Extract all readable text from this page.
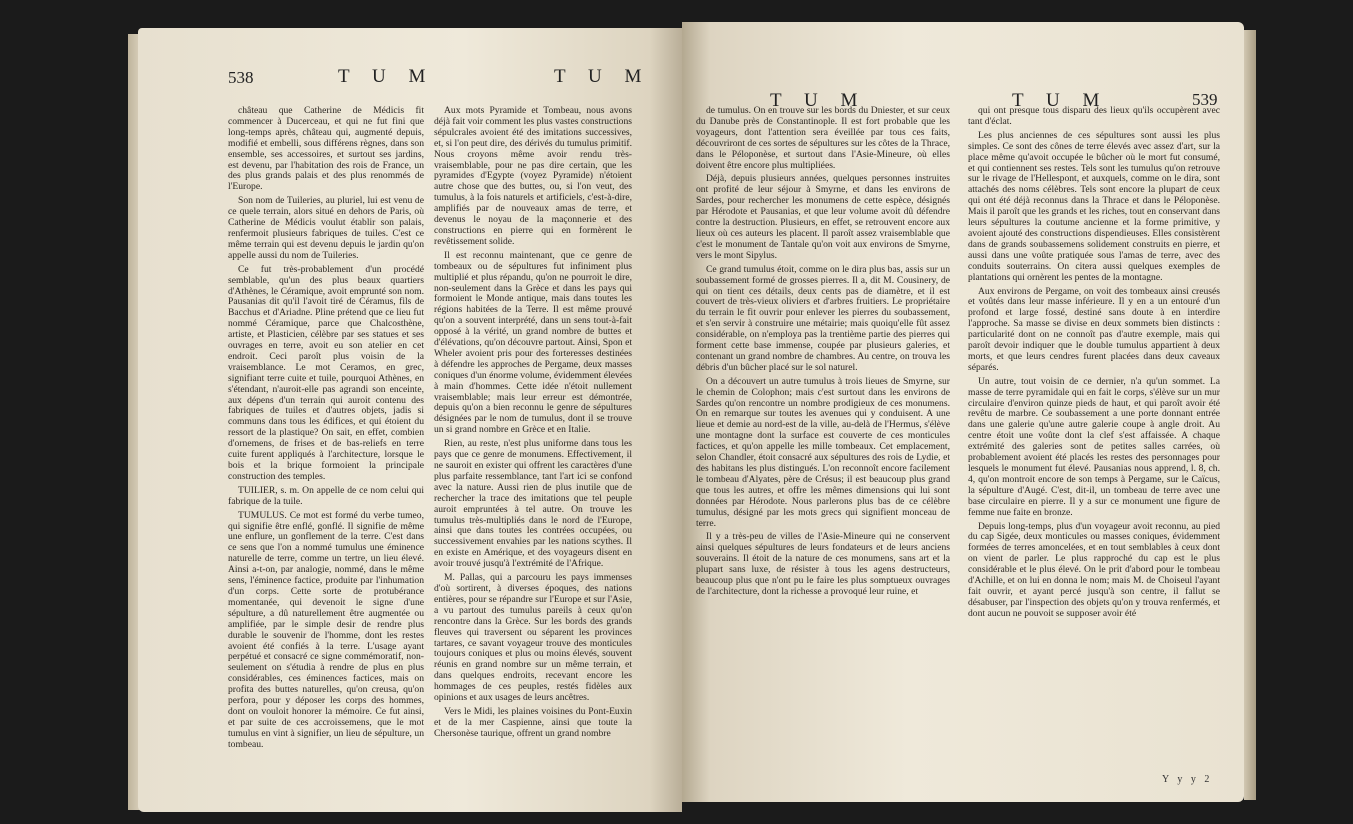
538	T U M	T U M

château que Catherine de Médicis fit commencer à Ducerceau, et qui ne fut fini que long-temps après, château qui, augmenté depuis, modifié et embelli, sous différens règnes, dans son ensemble, ses accessoires, et surtout ses jardins, est devenu, par l'habitation des rois de France, un des plus grands palais et des plus renommés de l'Europe.

Son nom de Tuileries, au pluriel, lui est venu de ce quele terrain, alors situé en dehors de Paris, où Catherine de Médicis voulut établir son palais, renfermoit plusieurs fabriques de tuiles. C'est ce même terrain qui est devenu depuis le jardin qu'on appelle aussi du nom de Tuileries.

Ce fut très-probablement d'un procédé semblable, qu'un des plus beaux quartiers d'Athènes, le Céramique, avoit emprunté son nom. Pausanias dit qu'il l'avoit tiré de Céramus, fils de Bacchus et d'Ariadne. Pline prétend que ce lieu fut nommé Céramique, parce que Chalcosthène, artiste, et Plasticien, célèbre par ses statues et ses ouvrages en terre, avoit eu son atelier en cet endroit. Ceci paroît plus voisin de la vraisemblance. Le mot Ceramos, en grec, signifiant terre cuite et tuile, pourquoi Athènes, en s'étendant, n'auroit-elle pas agrandi son enceinte, aux dépens d'un terrain qui auroit contenu des fabriques de tuiles et d'autres objets, jadis si communs dans tous les édifices, et qui étoient du ressort de la plastique? On sait, en effet, combien d'ornemens, de frises et de bas-reliefs en terre cuite furent appliqués à l'architecture, lorsque le bois et la brique formoient la principale construction des temples.

TUILIER, s. m. On appelle de ce nom celui qui fabrique de la tuile.

TUMULUS. Ce mot est formé du verbe tumeo, qui signifie être enflé, gonflé. Il signifie de même une enflure, un gonflement de la terre. C'est dans ce sens que l'on a nommé tumulus une éminence naturelle de terre, comme un tertre, un lieu élevé. Ainsi a-t-on, par analogie, nommé, dans le même sens, l'éminence factice, produite par l'inhumation d'un corps. Cette sorte de protubérance momentanée, qui devenoit le signe d'une sépulture, a dû naturellement être augmentée ou amplifiée, par le simple desir de rendre plus durable le souvenir de l'homme, dont les restes avoient été confiés à la terre. L'usage ayant perpétué et consacré ce signe commémoratif, non-seulement on s'étudia à rendre de plus en plus considérables, ces éminences factices, mais on profita des buttes naturelles, qu'on creusa, qu'on perfora, pour y déposer les corps des hommes, dont on vouloit honorer la mémoire. Ce fut ainsi, et par suite de ces accroissemens, que le mot tumulus en vint à signifier, un lieu de sépulture, un tombeau.

Aux mots Pyramide et Tombeau, nous avons déjà fait voir comment les plus vastes constructions sépulcrales avoient été des imitations successives, et, si l'on peut dire, des dérivés du tumulus primitif. Nous croyons même avoir rendu très-vraisemblable, pour ne pas dire certain, que les pyramides d'Egypte (voyez Pyramide) n'étoient autre chose que des buttes, ou, si l'on veut, des tumulus, à la fois naturels et artificiels, c'est-à-dire, amplifiés par de nouveaux amas de terre, et devenus le noyau de la maçonnerie et des constructions en pierre qui en formèrent le revêtissement solide.

Il est reconnu maintenant, que ce genre de tombeaux ou de sépultures fut infiniment plus multiplié et plus répandu, qu'on ne pourroit le dire, non-seulement dans la Grèce et dans les pays qui formoient le Monde antique, mais dans toutes les régions habitées de la Terre. Il est même prouvé qu'on a souvent interprété, dans un sens tout-à-fait opposé à la vérité, un grand nombre de buttes et d'élévations, qu'on découvre partout. Ainsi, Spon et Wheler avoient pris pour des forteresses destinées à défendre les approches de Pergame, deux masses coniques d'un énorme volume, évidemment élevées à main d'hommes. Cette idée n'étoit nullement vraisemblable; mais leur erreur est démontrée, depuis qu'on a bien reconnu le genre de sépultures désignées par le nom de tumulus, dont il se trouve un si grand nombre en Grèce et en Italie.

Rien, au reste, n'est plus uniforme dans tous les pays que ce genre de monumens. Effectivement, il ne sauroit en exister qui offrent les caractères d'une plus parfaite ressemblance, tant l'art ici se confond avec la nature. Aussi rien de plus inutile que de rechercher la trace des imitations que tel peuple auroit empruntées à tel autre. On trouve les tumulus très-multipliés dans le nord de l'Europe, ainsi que dans toutes les contrées occupées, ou successivement envahies par les nations scythes. Il en existe en Amérique, et des voyageurs disent en avoir trouvé jusqu'à l'extrémité de l'Afrique.

M. Pallas, qui a parcouru les pays immenses d'où sortirent, à diverses époques, des nations entières, pour se répandre sur l'Europe et sur l'Asie, a vu partout des tumulus pareils à ceux qu'on rencontre dans la Grèce. Sur les bords des grands fleuves qui traversent ou séparent les provinces tartares, ce savant voyageur trouve des monticules toujours coniques et plus ou moins élevés, souvent réunis en grand nombre sur un même terrain, et dans quelques endroits, recevant encore les hommages de ces peuples, restés fidèles aux opinions et aux usages de leurs ancêtres.

Vers le Midi, les plaines voisines du Pont-Euxin et de la mer Caspienne, ainsi que toute la Chersonèse taurique, offrent un grand nombre

T U M	T U M	539

de tumulus. On en trouve sur les bords du Dniester, et sur ceux du Danube près de Constantinople. Il est fort probable que les voyageurs, dont l'attention sera éveillée par tous ces faits, découvriront de ces sortes de sépultures sur les côtes de la Thrace, dans le Péloponèse, et surtout dans l'Asie-Mineure, où elles doivent être encore plus multipliées.

Déjà, depuis plusieurs années, quelques personnes instruites ont profité de leur séjour à Smyrne, et dans les environs de Sardes, pour rechercher les monumens de cette espèce, désignés par Hérodote et Pausanias, et que leur volume avoit dû défendre contre la destruction. Plusieurs, en effet, se retrouvent encore aux lieux où ces auteurs les placent. Il paroît assez vraisemblable que c'est le monument de Tantale qu'on voit aux environs de Smyrne, vers le mont Sipylus.

Ce grand tumulus étoit, comme on le dira plus bas, assis sur un soubassement formé de grosses pierres. Il a, dit M. Cousinery, de qui on tient ces détails, deux cents pas de diamètre, et il est couvert de très-vieux oliviers et d'arbres fruitiers. Le propriétaire du terrain le fit ouvrir pour enlever les pierres du soubassement, et s'en servir à construire une métairie; mais quoiqu'elle fût assez considérable, on n'employa pas la trentième partie des pierres qui forment cette base immense, coupée par plusieurs galeries, et contenant un grand nombre de chambres. Au centre, on trouva les débris d'un bûcher placé sur le sol naturel.

On a découvert un autre tumulus à trois lieues de Smyrne, sur le chemin de Colophon; mais c'est surtout dans les environs de Sardes qu'on rencontre un nombre prodigieux de ces monumens. On en remarque sur toutes les avenues qui y conduisent. A une lieue et demie au nord-est de la ville, au-delà de l'Hermus, s'élève une montagne dont la surface est couverte de ces monticules factices, et qu'on appelle les mille tombeaux. Cet emplacement, selon Chandler, étoit consacré aux sépultures des rois de Lydie, et des habitans les plus distingués. L'on reconnoît encore facilement le tombeau d'Alyates, père de Crésus; il est beaucoup plus grand que tous les autres, et offre les mêmes dimensions qui lui sont données par Hérodote. Nous parlerons plus bas de ce célèbre tumulus, désigné par les mots grecs qui signifient monceau de terre.

Il y a très-peu de villes de l'Asie-Mineure qui ne conservent ainsi quelques sépultures de leurs fondateurs et de leurs anciens souverains. Il étoit de la nature de ces monumens, sans art et la plupart sans luxe, de résister à tous les agens destructeurs, beaucoup plus que n'ont pu le faire les plus somptueux ouvrages de l'architecture, dont la richesse a provoqué leur ruine, et

qui ont presque tous disparu des lieux qu'ils occupèrent avec tant d'éclat.

Les plus anciennes de ces sépultures sont aussi les plus simples. Ce sont des cônes de terre élevés avec assez d'art, sur la place même qu'avoit occupée le bûcher où le mort fut consumé, et qui contiennent ses restes. Tels sont les tumulus qu'on retrouve sur le rivage de l'Hellespont, et auxquels, comme on le dira, sont attachés des noms célèbres. Tels sont encore la plupart de ceux qui ont été déjà reconnus dans la Thrace et dans le Péloponèse. Mais il paroît que les grands et les riches, tout en conservant dans leurs sépultures la coutume ancienne et la forme primitive, y avoient ajouté des constructions dispendieuses. Elles consistèrent dans de grands soubassemens solidement construits en pierre, et aussi dans une voûte pratiquée sous l'amas de terre, avec des conduits souterrains. On citera aussi quelques exemples de plantations qui ornèrent les pentes de la montagne.

Aux environs de Pergame, on voit des tombeaux ainsi creusés et voûtés dans leur masse inférieure. Il y en a un entouré d'un profond et large fossé, destiné sans doute à en interdire l'approche. Sa masse se divise en deux sommets bien distincts : particularité dont on ne connoît pas d'autre exemple, mais qui paroît devoir indiquer que le double tumulus appartient à deux morts, et que leurs cendres furent placées dans deux caveaux séparés.

Un autre, tout voisin de ce dernier, n'a qu'un sommet. La masse de terre pyramidale qui en fait le corps, s'élève sur un mur circulaire d'environ quinze pieds de haut, et qui paroît avoir été revêtu de marbre. Ce soubassement a une porte donnant entrée dans une galerie qu'une autre galerie coupe à angle droit. Au centre étoit une voûte dont la clef s'est affaissée. A chaque extrémité des galeries sont de petites salles carrées, où probablement avoient été placés les restes des personnages pour lesquels le monument fut élevé. Pausanias nous apprend, l. 8, ch. 4, qu'on montroit encore de son temps à Pergame, sur le Caïcus, la sépulture d'Augé. C'est, dit-il, un tombeau de terre avec une base circulaire en pierre. Il y a sur ce monument une figure de femme nue faite en bronze.

Depuis long-temps, plus d'un voyageur avoit reconnu, au pied du cap Sigée, deux monticules ou masses coniques, évidemment formées de terres amoncelées, et en tout semblables à ceux dont on vient de parler. Le plus rapproché du cap est le plus considérable et le plus élevé. On le prit d'abord pour le tombeau d'Achille, et on lui en donna le nom; mais M. de Choiseul l'ayant fait ouvrir, et ayant percé jusqu'à son centre, il fallut se désabuser, par l'inspection des objets qu'on y trouva renfermés, et dont aucun ne pouvoit se supposer avoir été

Y y y 2
